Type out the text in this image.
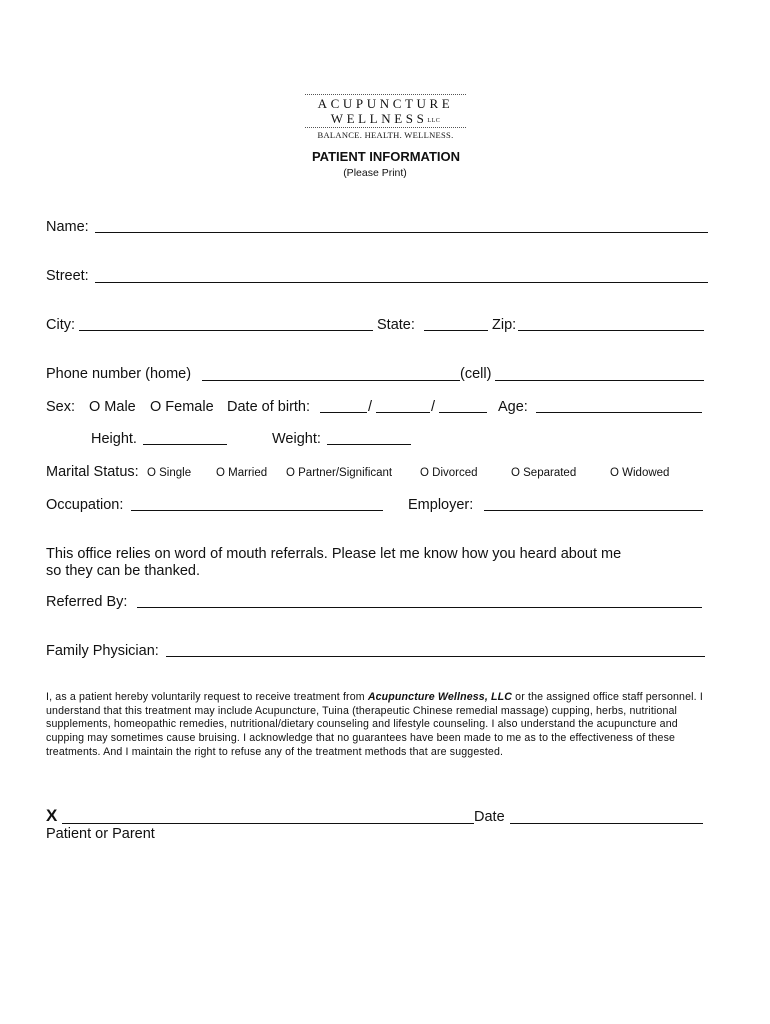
ACUPUNCTURE
WELLNESSLLC
BALANCE. HEALTH. WELLNESS.
PATIENT INFORMATION
(Please Print)
Name:
Street:
City:	State:	Zip:
Phone number (home)	(cell)
Sex: O Male O Female Date of birth:	/	/	Age:
Height.	Weight:
Marital Status: O Single O Married O Partner/Significant O Divorced	O Separated	O Widowed
Occupation:	Employer:
This office relies on word of mouth referrals. Please let me know how you heard about me
so they can be thanked.
Referred By:
Family Physician:
I, as a patient hereby voluntarily request to receive treatment from Acupuncture Wellness, LLC or the assigned office staff personnel. I understand that this treatment may include Acupuncture, Tuina (therapeutic Chinese remedial massage) cupping, herbs, nutritional supplements, homeopathic remedies, nutritional/dietary counseling and lifestyle counseling. I also understand the acupuncture and cupping may sometimes cause bruising. I acknowledge that no guarantees have been made to me as to the effectiveness of these treatments. And I maintain the right to refuse any of the treatment methods that are suggested.
X	Date
Patient or Parent
